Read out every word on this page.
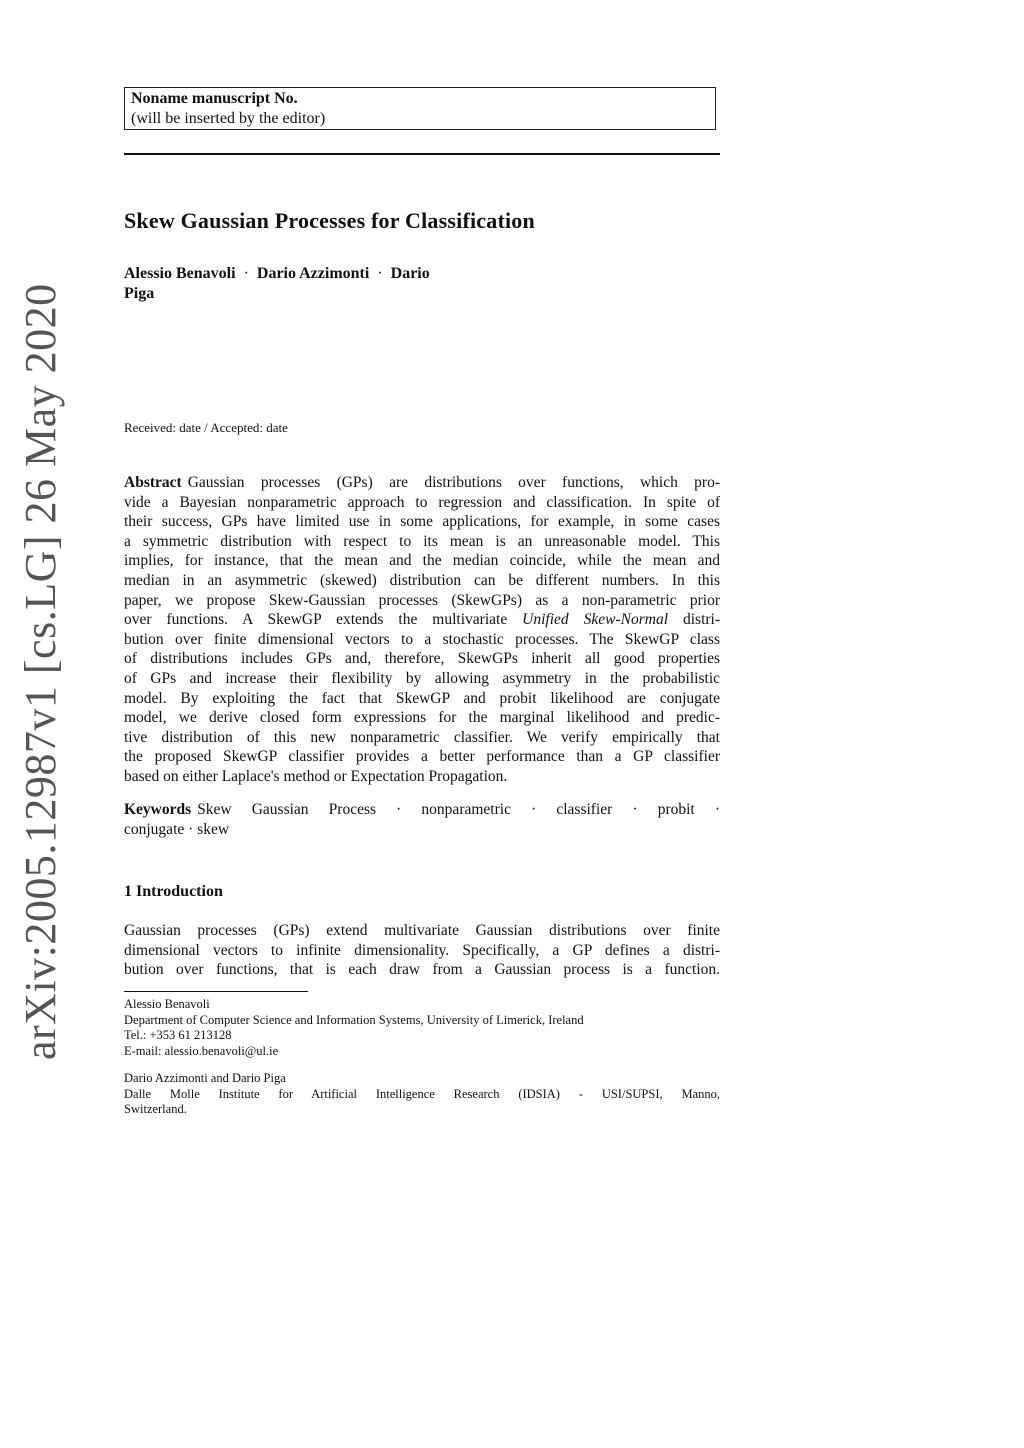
arXiv:2005.12987v1 [cs.LG] 26 May 2020
Noname manuscript No.
(will be inserted by the editor)
Skew Gaussian Processes for Classification
Alessio Benavoli · Dario Azzimonti · Dario
Piga
Received: date / Accepted: date
Abstract Gaussian processes (GPs) are distributions over functions, which pro-
vide a Bayesian nonparametric approach to regression and classification. In spite of
their success, GPs have limited use in some applications, for example, in some cases
a symmetric distribution with respect to its mean is an unreasonable model. This
implies, for instance, that the mean and the median coincide, while the mean and
median in an asymmetric (skewed) distribution can be different numbers. In this
paper, we propose Skew-Gaussian processes (SkewGPs) as a non-parametric prior
over functions. A SkewGP extends the multivariate Unified Skew-Normal distri-
bution over finite dimensional vectors to a stochastic processes. The SkewGP class
of distributions includes GPs and, therefore, SkewGPs inherit all good properties
of GPs and increase their flexibility by allowing asymmetry in the probabilistic
model. By exploiting the fact that SkewGP and probit likelihood are conjugate
model, we derive closed form expressions for the marginal likelihood and predic-
tive distribution of this new nonparametric classifier. We verify empirically that
the proposed SkewGP classifier provides a better performance than a GP classifier
based on either Laplace's method or Expectation Propagation.
Keywords Skew Gaussian Process · nonparametric · classifier · probit ·
conjugate · skew
1 Introduction
Gaussian processes (GPs) extend multivariate Gaussian distributions over finite
dimensional vectors to infinite dimensionality. Specifically, a GP defines a distri-
bution over functions, that is each draw from a Gaussian process is a function.
Alessio Benavoli
Department of Computer Science and Information Systems, University of Limerick, Ireland
Tel.: +353 61 213128
E-mail: alessio.benavoli@ul.ie
Dario Azzimonti and Dario Piga
Dalle Molle Institute for Artificial Intelligence Research (IDSIA) - USI/SUPSI, Manno,
Switzerland.
